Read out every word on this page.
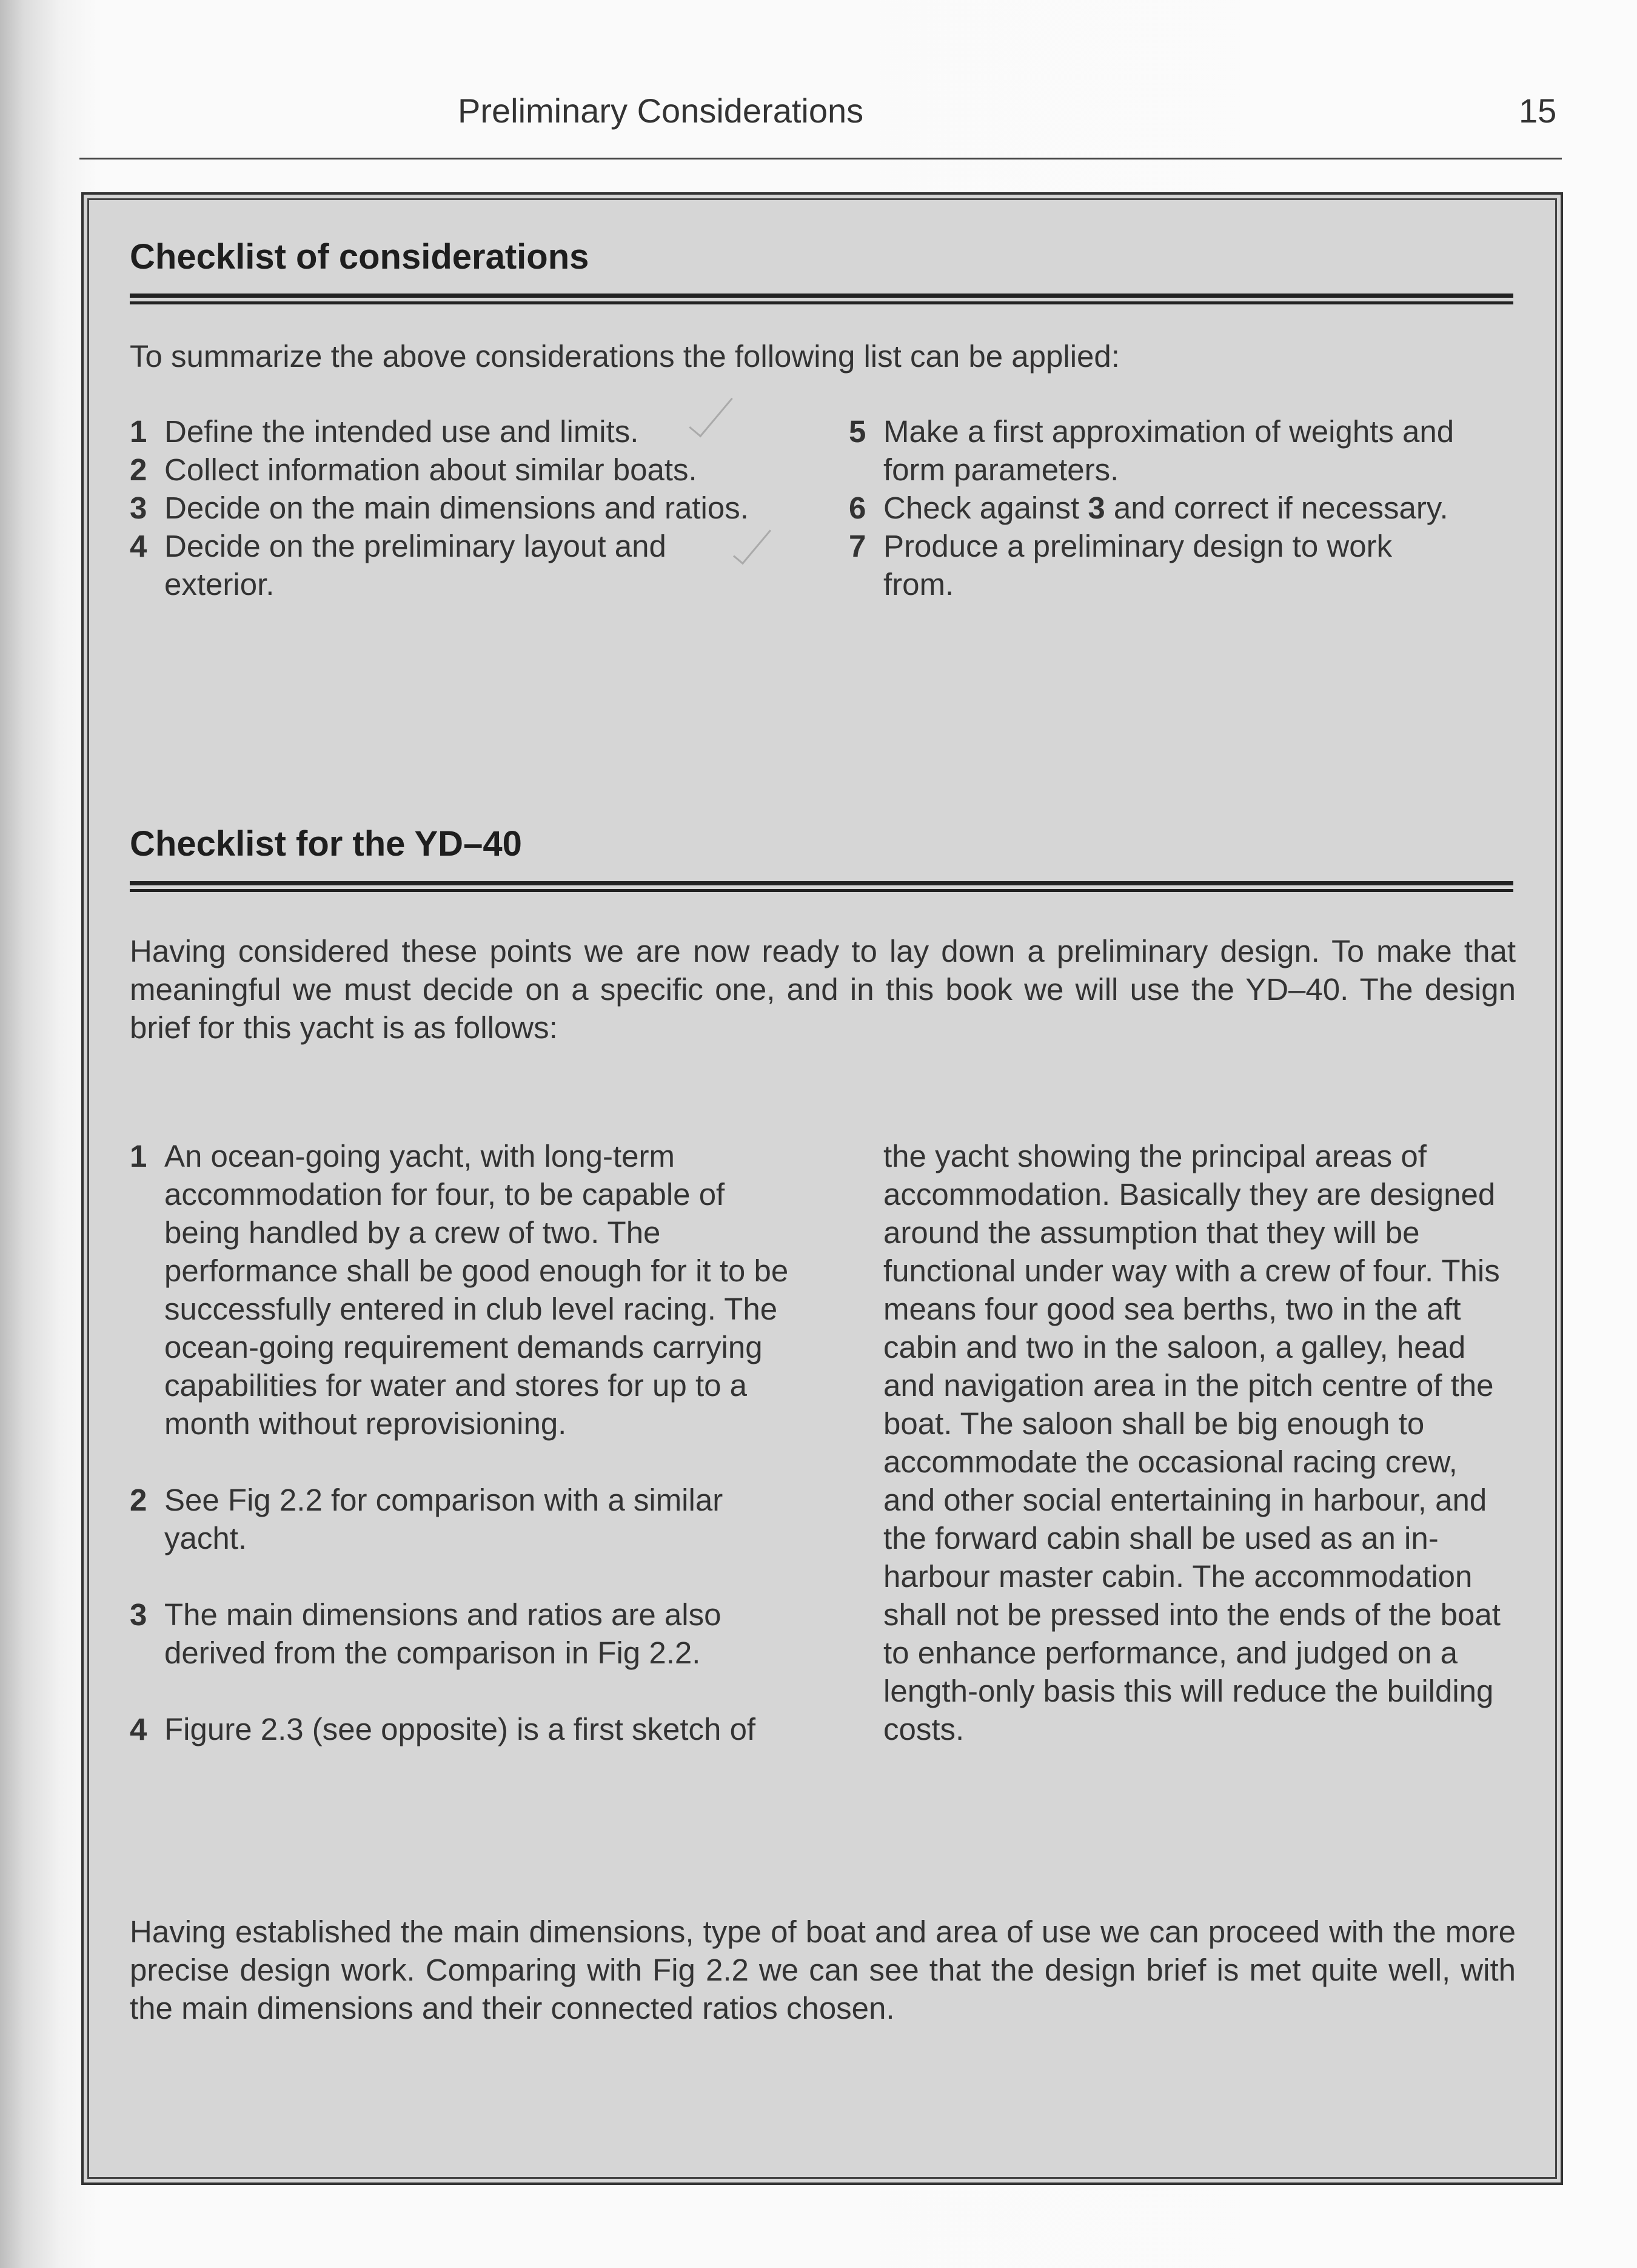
Preliminary Considerations	15
Checklist of considerations
To summarize the above considerations the following list can be applied:
1 Define the intended use and limits.
2 Collect information about similar boats.
3 Decide on the main dimensions and ratios.
4 Decide on the preliminary layout and exterior.
5 Make a first approximation of weights and form parameters.
6 Check against 3 and correct if necessary.
7 Produce a preliminary design to work from.
Checklist for the YD–40
Having considered these points we are now ready to lay down a preliminary design. To make that meaningful we must decide on a specific one, and in this book we will use the YD–40. The design brief for this yacht is as follows:
1 An ocean-going yacht, with long-term accommodation for four, to be capable of being handled by a crew of two. The performance shall be good enough for it to be successfully entered in club level racing. The ocean-going requirement demands carrying capabilities for water and stores for up to a month without reprovisioning.
2 See Fig 2.2 for comparison with a similar yacht.
3 The main dimensions and ratios are also derived from the comparison in Fig 2.2.
4 Figure 2.3 (see opposite) is a first sketch of
the yacht showing the principal areas of accommodation. Basically they are designed around the assumption that they will be functional under way with a crew of four. This means four good sea berths, two in the aft cabin and two in the saloon, a galley, head and navigation area in the pitch centre of the boat. The saloon shall be big enough to accommodate the occasional racing crew, and other social entertaining in harbour, and the forward cabin shall be used as an in-harbour master cabin. The accommodation shall not be pressed into the ends of the boat to enhance performance, and judged on a length-only basis this will reduce the building costs.
Having established the main dimensions, type of boat and area of use we can proceed with the more precise design work. Comparing with Fig 2.2 we can see that the design brief is met quite well, with the main dimensions and their connected ratios chosen.
